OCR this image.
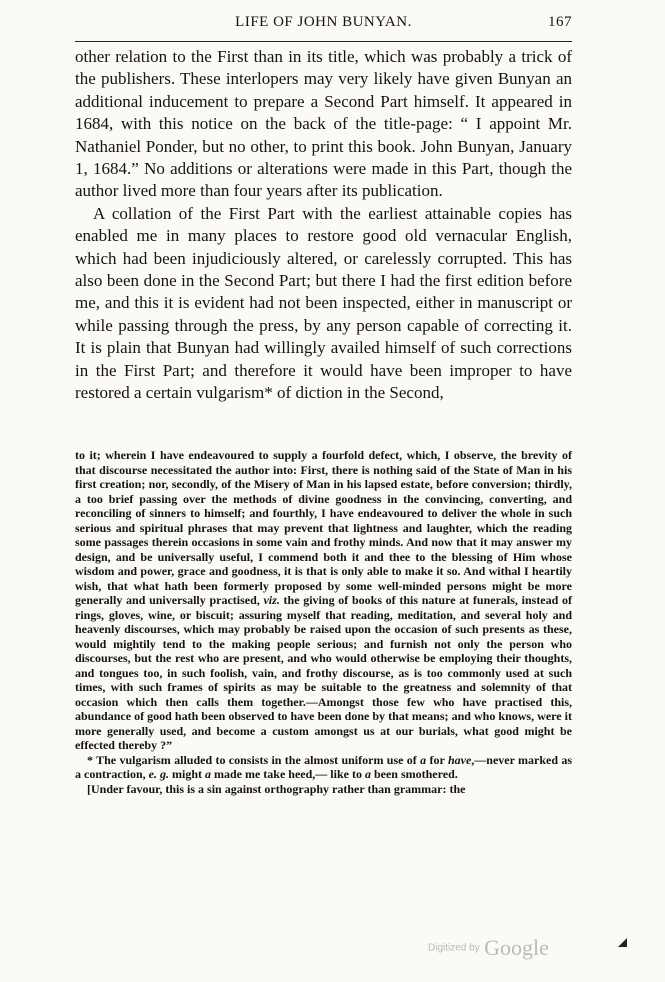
LIFE OF JOHN BUNYAN.	167

other relation to the First than in its title, which was probably a trick of the publishers. These interlopers may very likely have given Bunyan an additional inducement to prepare a Second Part himself. It appeared in 1684, with this notice on the back of the title-page: “ I appoint Mr. Nathaniel Ponder, but no other, to print this book. John Bunyan, January 1, 1684.” No additions or alterations were made in this Part, though the author lived more than four years after its publication.

A collation of the First Part with the earliest attainable copies has enabled me in many places to restore good old vernacular English, which had been injudiciously altered, or carelessly corrupted. This has also been done in the Second Part; but there I had the first edition before me, and this it is evident had not been inspected, either in manuscript or while passing through the press, by any person capable of correcting it. It is plain that Bunyan had willingly availed himself of such corrections in the First Part; and therefore it would have been improper to have restored a certain vulgarism* of diction in the Second,

to it; wherein I have endeavoured to supply a fourfold defect, which, I observe, the brevity of that discourse necessitated the author into: First, there is nothing said of the State of Man in his first creation; nor, secondly, of the Misery of Man in his lapsed estate, before conversion; thirdly, a too brief passing over the methods of divine goodness in the convincing, converting, and reconciling of sinners to himself; and fourthly, I have endeavoured to deliver the whole in such serious and spiritual phrases that may prevent that lightness and laughter, which the reading some passages therein occasions in some vain and frothy minds. And now that it may answer my design, and be universally useful, I commend both it and thee to the blessing of Him whose wisdom and power, grace and goodness, it is that is only able to make it so. And withal I heartily wish, that what hath been formerly proposed by some well-minded persons might be more generally and universally practised, viz. the giving of books of this nature at funerals, instead of rings, gloves, wine, or biscuit; assuring myself that reading, meditation, and several holy and heavenly discourses, which may probably be raised upon the occasion of such presents as these, would mightily tend to the making people serious; and furnish not only the person who discourses, but the rest who are present, and who would otherwise be employing their thoughts, and tongues too, in such foolish, vain, and frothy discourse, as is too commonly used at such times, with such frames of spirits as may be suitable to the greatness and solemnity of that occasion which then calls them together.—Amongst those few who have practised this, abundance of good hath been observed to have been done by that means; and who knows, were it more generally used, and become a custom amongst us at our burials, what good might be effected thereby ?”

* The vulgarism alluded to consists in the almost uniform use of a for have,—never marked as a contraction, e. g. might a made me take heed,— like to a been smothered.

[Under favour, this is a sin against orthography rather than grammar: the

Digitized by Google
